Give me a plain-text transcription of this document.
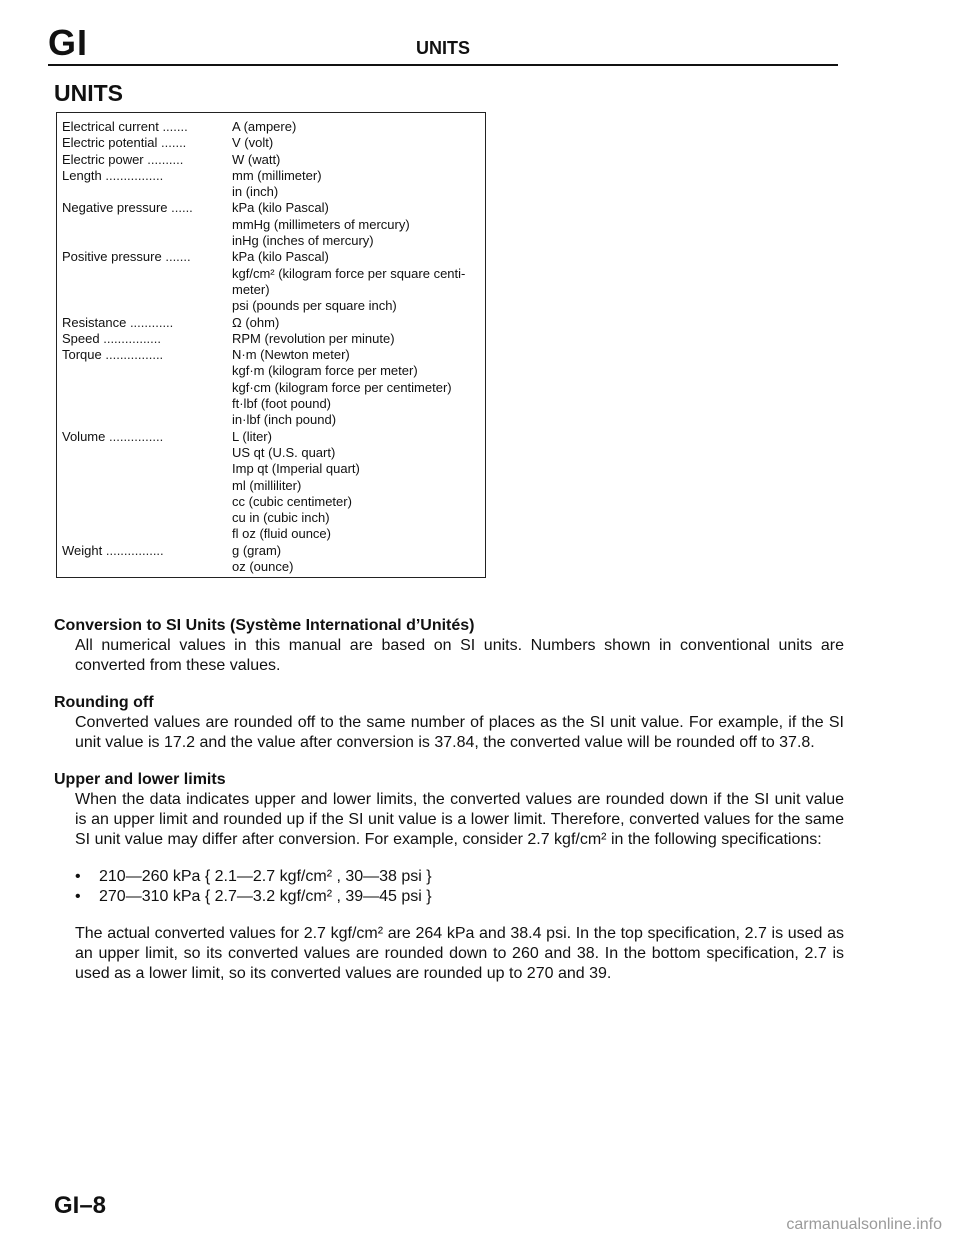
GI	UNITS
UNITS
Electrical current .......	A (ampere)
Electric potential .......	V (volt)
Electric power ..........	W (watt)
Length ................	mm (millimeter)
in (inch)
Negative pressure ......	kPa (kilo Pascal)
mmHg (millimeters of mercury)
inHg (inches of mercury)
Positive pressure .......	kPa (kilo Pascal)
kgf/cm² (kilogram force per square centi-
meter)
psi (pounds per square inch)
Resistance ............	Ω (ohm)
Speed ................	RPM (revolution per minute)
Torque ................	N·m (Newton meter)
kgf·m (kilogram force per meter)
kgf·cm (kilogram force per centimeter)
ft·lbf (foot pound)
in·lbf (inch pound)
Volume ...............	L (liter)
US qt (U.S. quart)
Imp qt (Imperial quart)
ml (milliliter)
cc (cubic centimeter)
cu in (cubic inch)
fl oz (fluid ounce)
Weight ................	g (gram)
oz (ounce)
Conversion to SI Units (Système International d’Unités)
All numerical values in this manual are based on SI units. Numbers shown in conventional units are converted from these values.
Rounding off
Converted values are rounded off to the same number of places as the SI unit value. For example, if the SI unit value is 17.2 and the value after conversion is 37.84, the converted value will be rounded off to 37.8.
Upper and lower limits
When the data indicates upper and lower limits, the converted values are rounded down if the SI unit value is an upper limit and rounded up if the SI unit value is a lower limit. Therefore, converted values for the same SI unit value may differ after conversion. For example, consider 2.7 kgf/cm² in the following specifications:
• 210—260 kPa { 2.1—2.7 kgf/cm² , 30—38 psi }
• 270—310 kPa { 2.7—3.2 kgf/cm² , 39—45 psi }
The actual converted values for 2.7 kgf/cm² are 264 kPa and 38.4 psi. In the top specification, 2.7 is used as an upper limit, so its converted values are rounded down to 260 and 38. In the bottom specification, 2.7 is used as a lower limit, so its converted values are rounded up to 270 and 39.
GI–8
carmanualsonline.info
